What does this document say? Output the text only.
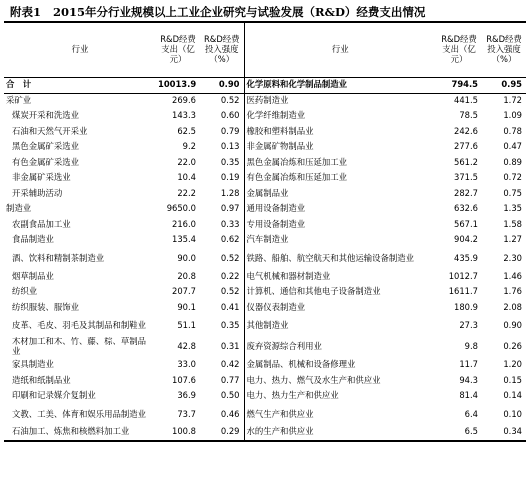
附表1 2015年分行业规模以上工业企业研究与试验发展（R&D）经费支出情况
行业	R&D经费支出（亿元）	R&D经费投入强度（%）	行业	R&D经费支出（亿元）	R&D经费投入强度（%）
合　计	10013.9	0.90	化学原料和化学制品制造业	794.5	0.95
采矿业	269.6	0.52	医药制造业	441.5	1.72
煤炭开采和洗选业	143.3	0.60	化学纤维制造业	78.5	1.09
石油和天然气开采业	62.5	0.79	橡胶和塑料制品业	242.6	0.78
黑色金属矿采选业	9.2	0.13	非金属矿物制品业	277.6	0.47
有色金属矿采选业	22.0	0.35	黑色金属冶炼和压延加工业	561.2	0.89
非金属矿采选业	10.4	0.19	有色金属冶炼和压延加工业	371.5	0.72
开采辅助活动	22.2	1.28	金属制品业	282.7	0.75
制造业	9650.0	0.97	通用设备制造业	632.6	1.35
农副食品加工业	216.0	0.33	专用设备制造业	567.1	1.58
食品制造业	135.4	0.62	汽车制造业	904.2	1.27
酒、饮料和精制茶制造业	90.0	0.52	铁路、船舶、航空航天和其他运输设备制造业	435.9	2.30
烟草制品业	20.8	0.22	电气机械和器材制造业	1012.7	1.46
纺织业	207.7	0.52	计算机、通信和其他电子设备制造业	1611.7	1.76
纺织服装、服饰业	90.1	0.41	仪器仪表制造业	180.9	2.08
皮革、毛皮、羽毛及其制品和制鞋业	51.1	0.35	其他制造业	27.3	0.90
木材加工和木、竹、藤、棕、草制品业	42.8	0.31	废弃资源综合利用业	9.8	0.26
家具制造业	33.0	0.42	金属制品、机械和设备修理业	11.7	1.20
造纸和纸制品业	107.6	0.77	电力、热力、燃气及水生产和供应业	94.3	0.15
印刷和记录媒介复制业	36.9	0.50	电力、热力生产和供应业	81.4	0.14
文教、工美、体育和娱乐用品制造业	73.7	0.46	燃气生产和供应业	6.4	0.10
石油加工、炼焦和核燃料加工业	100.8	0.29	水的生产和供应业	6.5	0.34
